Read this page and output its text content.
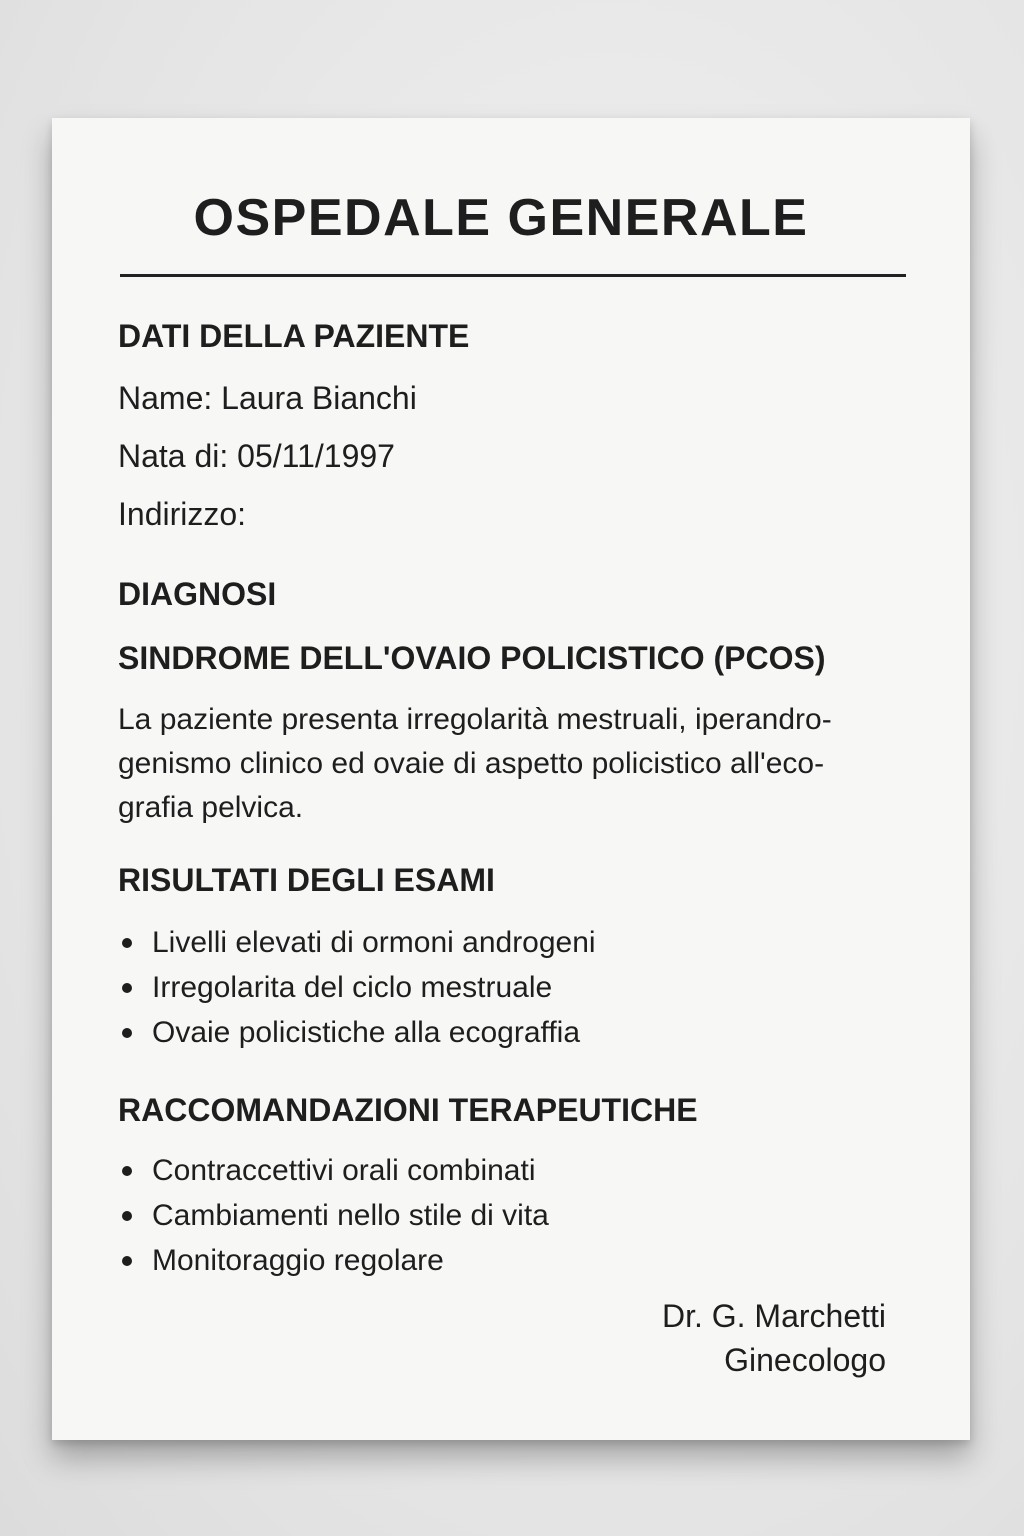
OSPEDALE GENERALE
DATI DELLA PAZIENTE
Name: Laura Bianchi
Nata di: 05/11/1997
Indirizzo:
DIAGNOSI
SINDROME DELL'OVAIO POLICISTICO (PCOS)
La paziente presenta irregolarità mestruali, iperandro-
genismo clinico ed ovaie di aspetto policistico all'eco-
grafia pelvica.
RISULTATI DEGLI ESAMI
Livelli elevati di ormoni androgeni
Irregolarita del ciclo mestruale
Ovaie policistiche alla ecograffia
RACCOMANDAZIONI TERAPEUTICHE
Contraccettivi orali combinati
Cambiamenti nello stile di vita
Monitoraggio regolare
Dr. G. Marchetti
Ginecologo
